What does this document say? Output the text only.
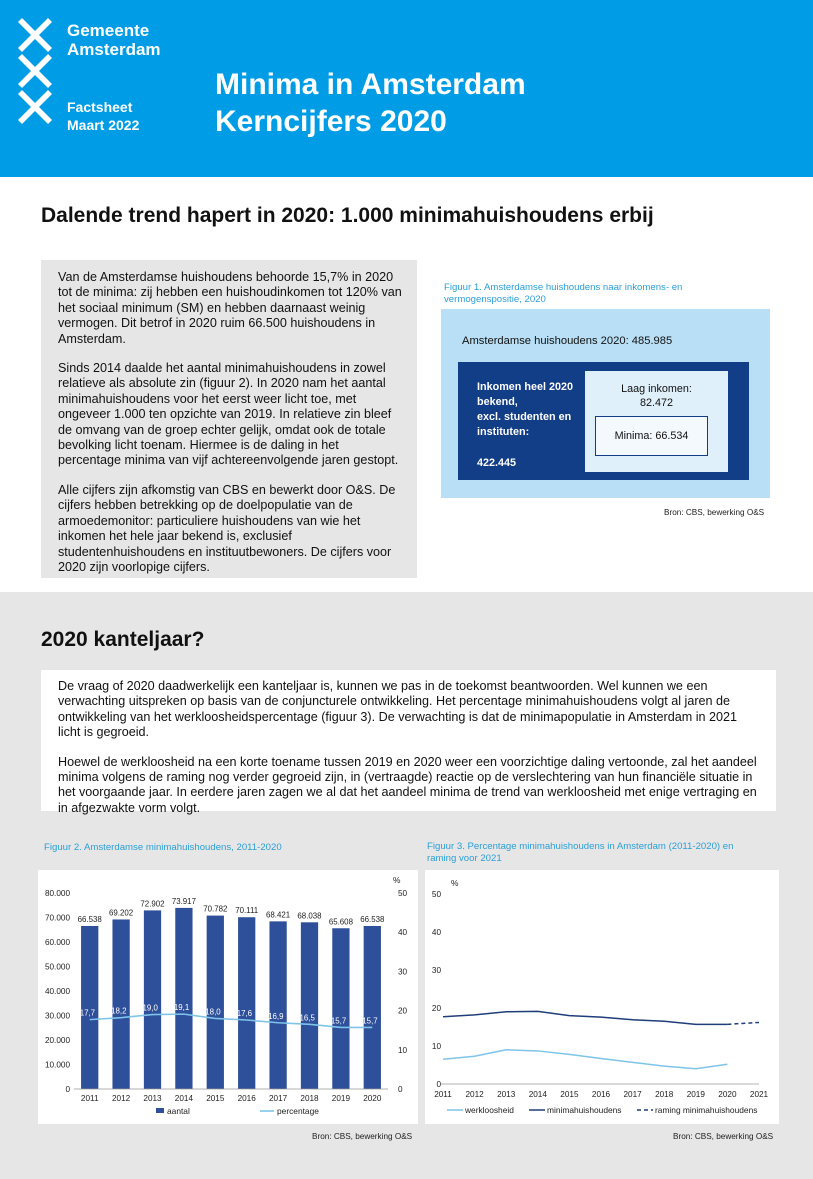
Gemeente
Amsterdam
Factsheet
Maart 2022
Minima in Amsterdam
Kerncijfers 2020
Dalende trend hapert in 2020: 1.000 minimahuishoudens erbij

Van de Amsterdamse huishoudens behoorde 15,7% in 2020 tot de minima: zij hebben een huishoudinkomen tot 120% van het sociaal minimum (SM) en hebben daarnaast weinig vermogen. Dit betrof in 2020 ruim 66.500 huishoudens in Amsterdam.

Sinds 2014 daalde het aantal minimahuishoudens in zowel relatieve als absolute zin (figuur 2). In 2020 nam het aantal minimahuishoudens voor het eerst weer licht toe, met ongeveer 1.000 ten opzichte van 2019. In relatieve zin bleef de omvang van de groep echter gelijk, omdat ook de totale bevolking licht toenam. Hiermee is de daling in het percentage minima van vijf achtereenvolgende jaren gestopt.

Alle cijfers zijn afkomstig van CBS en bewerkt door O&S. De cijfers hebben betrekking op de doelpopulatie van de armoedemonitor: particuliere huishoudens van wie het inkomen het hele jaar bekend is, exclusief studentenhuishoudens en instituutbewoners. De cijfers voor 2020 zijn voorlopige cijfers.

Figuur 1. Amsterdamse huishoudens naar inkomens- en vermogenspositie, 2020
Amsterdamse huishoudens 2020: 485.985
Inkomen heel 2020
bekend,
excl. studenten en
instituten:
422.445
Laag inkomen:
82.472
Minima: 66.534
Bron: CBS, bewerking O&S
2020 kanteljaar?

De vraag of 2020 daadwerkelijk een kanteljaar is, kunnen we pas in de toekomst beantwoorden. Wel kunnen we een verwachting uitspreken op basis van de conjuncturele ontwikkeling. Het percentage minimahuishoudens volgt al jaren de ontwikkeling van het werkloosheidspercentage (figuur 3). De verwachting is dat de minimapopulatie in Amsterdam in 2021 licht is gegroeid.

Hoewel de werkloosheid na een korte toename tussen 2019 en 2020 weer een voorzichtige daling vertoonde, zal het aandeel minima volgens de raming nog verder gegroeid zijn, in (vertraagde) reactie op de verslechtering van hun financiële situatie in het voorgaande jaar. In eerdere jaren zagen we al dat het aandeel minima de trend van werkloosheid met enige vertraging en in afgezwakte vorm volgt.

Figuur 2. Amsterdamse minimahuishoudens, 2011-2020
%
0
10.000
20.000
30.000
40.000
50.000
60.000
70.000
80.000
0
10
20
30
40
50
66.538
2011
69.202
2012
72.902
2013
73.917
2014
70.782
2015
70.111
2016
68.421
2017
68.038
2018
65.608
2019
66.538
2020
17,7 18,2 19,0 19,1 18,0 17,6 16,9 16,5 15,7 15,7
aantal	percentage
Bron: CBS, bewerking O&S
Figuur 3. Percentage minimahuishoudens in Amsterdam (2011-2020) en raming voor 2021
%
0
10
20
30
40
50
2011 2012 2013 2014 2015 2016 2017 2018 2019 2020 2021
werkloosheid	minimahuishoudens	raming minimahuishoudens
Bron: CBS, bewerking O&S
